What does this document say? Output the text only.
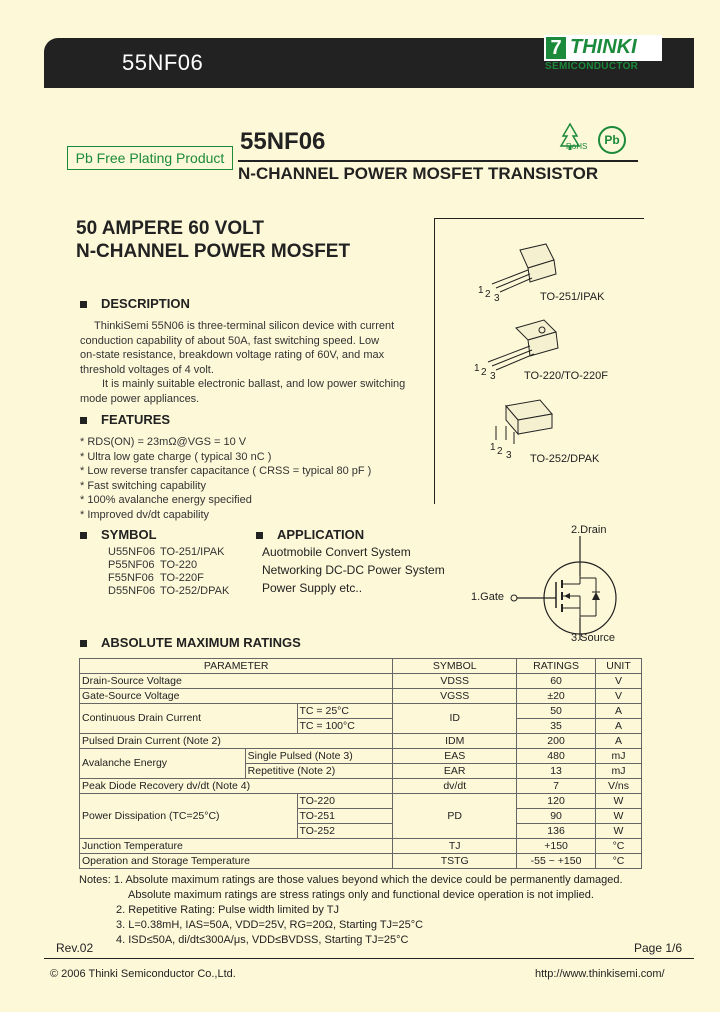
55NF06
7 THINKI
SEMICONDUCTOR	R
Pb Free Plating Product
55NF06
N-CHANNEL POWER MOSFET TRANSISTOR
RoHS	Pb
50 AMPERE 60 VOLT
N-CHANNEL POWER MOSFET
DESCRIPTION
ThinkiSemi 55N06 is three-terminal silicon device with current
conduction capability of about 50A, fast switching speed. Low
on-state resistance, breakdown voltage rating of 60V, and max
threshold voltages of 4 volt.
It is mainly suitable electronic ballast, and low power switching
mode power appliances.
FEATURES
* RDS(ON) = 23mΩ@VGS = 10 V
* Ultra low gate charge ( typical 30 nC )
* Low reverse transfer capacitance ( CRSS = typical 80 pF )
* Fast switching capability
* 100% avalanche energy specified
* Improved dv/dt capability
1 2 3	TO-251/IPAK
1 2 3	TO-220/TO-220F
1 2 3 TO-252/DPAK
SYMBOL
U55NF06 TO-251/IPAK
P55NF06 TO-220
F55NF06 TO-220F
D55NF06 TO-252/DPAK
APPLICATION
Auotmobile Convert System
Networking DC-DC Power System
Power Supply etc..
2.Drain
1.Gate
3.Source
ABSOLUTE MAXIMUM RATINGS
PARAMETER			SYMBOL	RATINGS	UNIT
Drain-Source Voltage			VDSS	60	V
Gate-Source Voltage			VGSS	±20	V
Continuous Drain Current		TC = 25°C	ID	50	A
		TC = 100°C		35	A
Pulsed Drain Current (Note 2)			IDM	200	A
Avalanche Energy	Single Pulsed (Note 3)		EAS	480	mJ
	Repetitive (Note 2)		EAR	13	mJ
Peak Diode Recovery dv/dt (Note 4)			dv/dt	7	V/ns
Power Dissipation (TC=25°C)		TO-220	PD	120	W
		TO-251		90	W
		TO-252		136	W
Junction Temperature			TJ	+150	°C
Operation and Storage Temperature			TSTG	-55 ~ +150	°C
Notes: 1. Absolute maximum ratings are those values beyond which the device could be permanently damaged.
Absolute maximum ratings are stress ratings only and functional device operation is not implied.
2. Repetitive Rating: Pulse width limited by TJ
3. L=0.38mH, IAS=50A, VDD=25V, RG=20Ω, Starting TJ=25°C
4. ISD≤50A, di/dt≤300A/μs, VDD≤BVDSS, Starting TJ=25°C
Rev.02	Page 1/6
© 2006 Thinki Semiconductor Co.,Ltd.	http://www.thinkisemi.com/
